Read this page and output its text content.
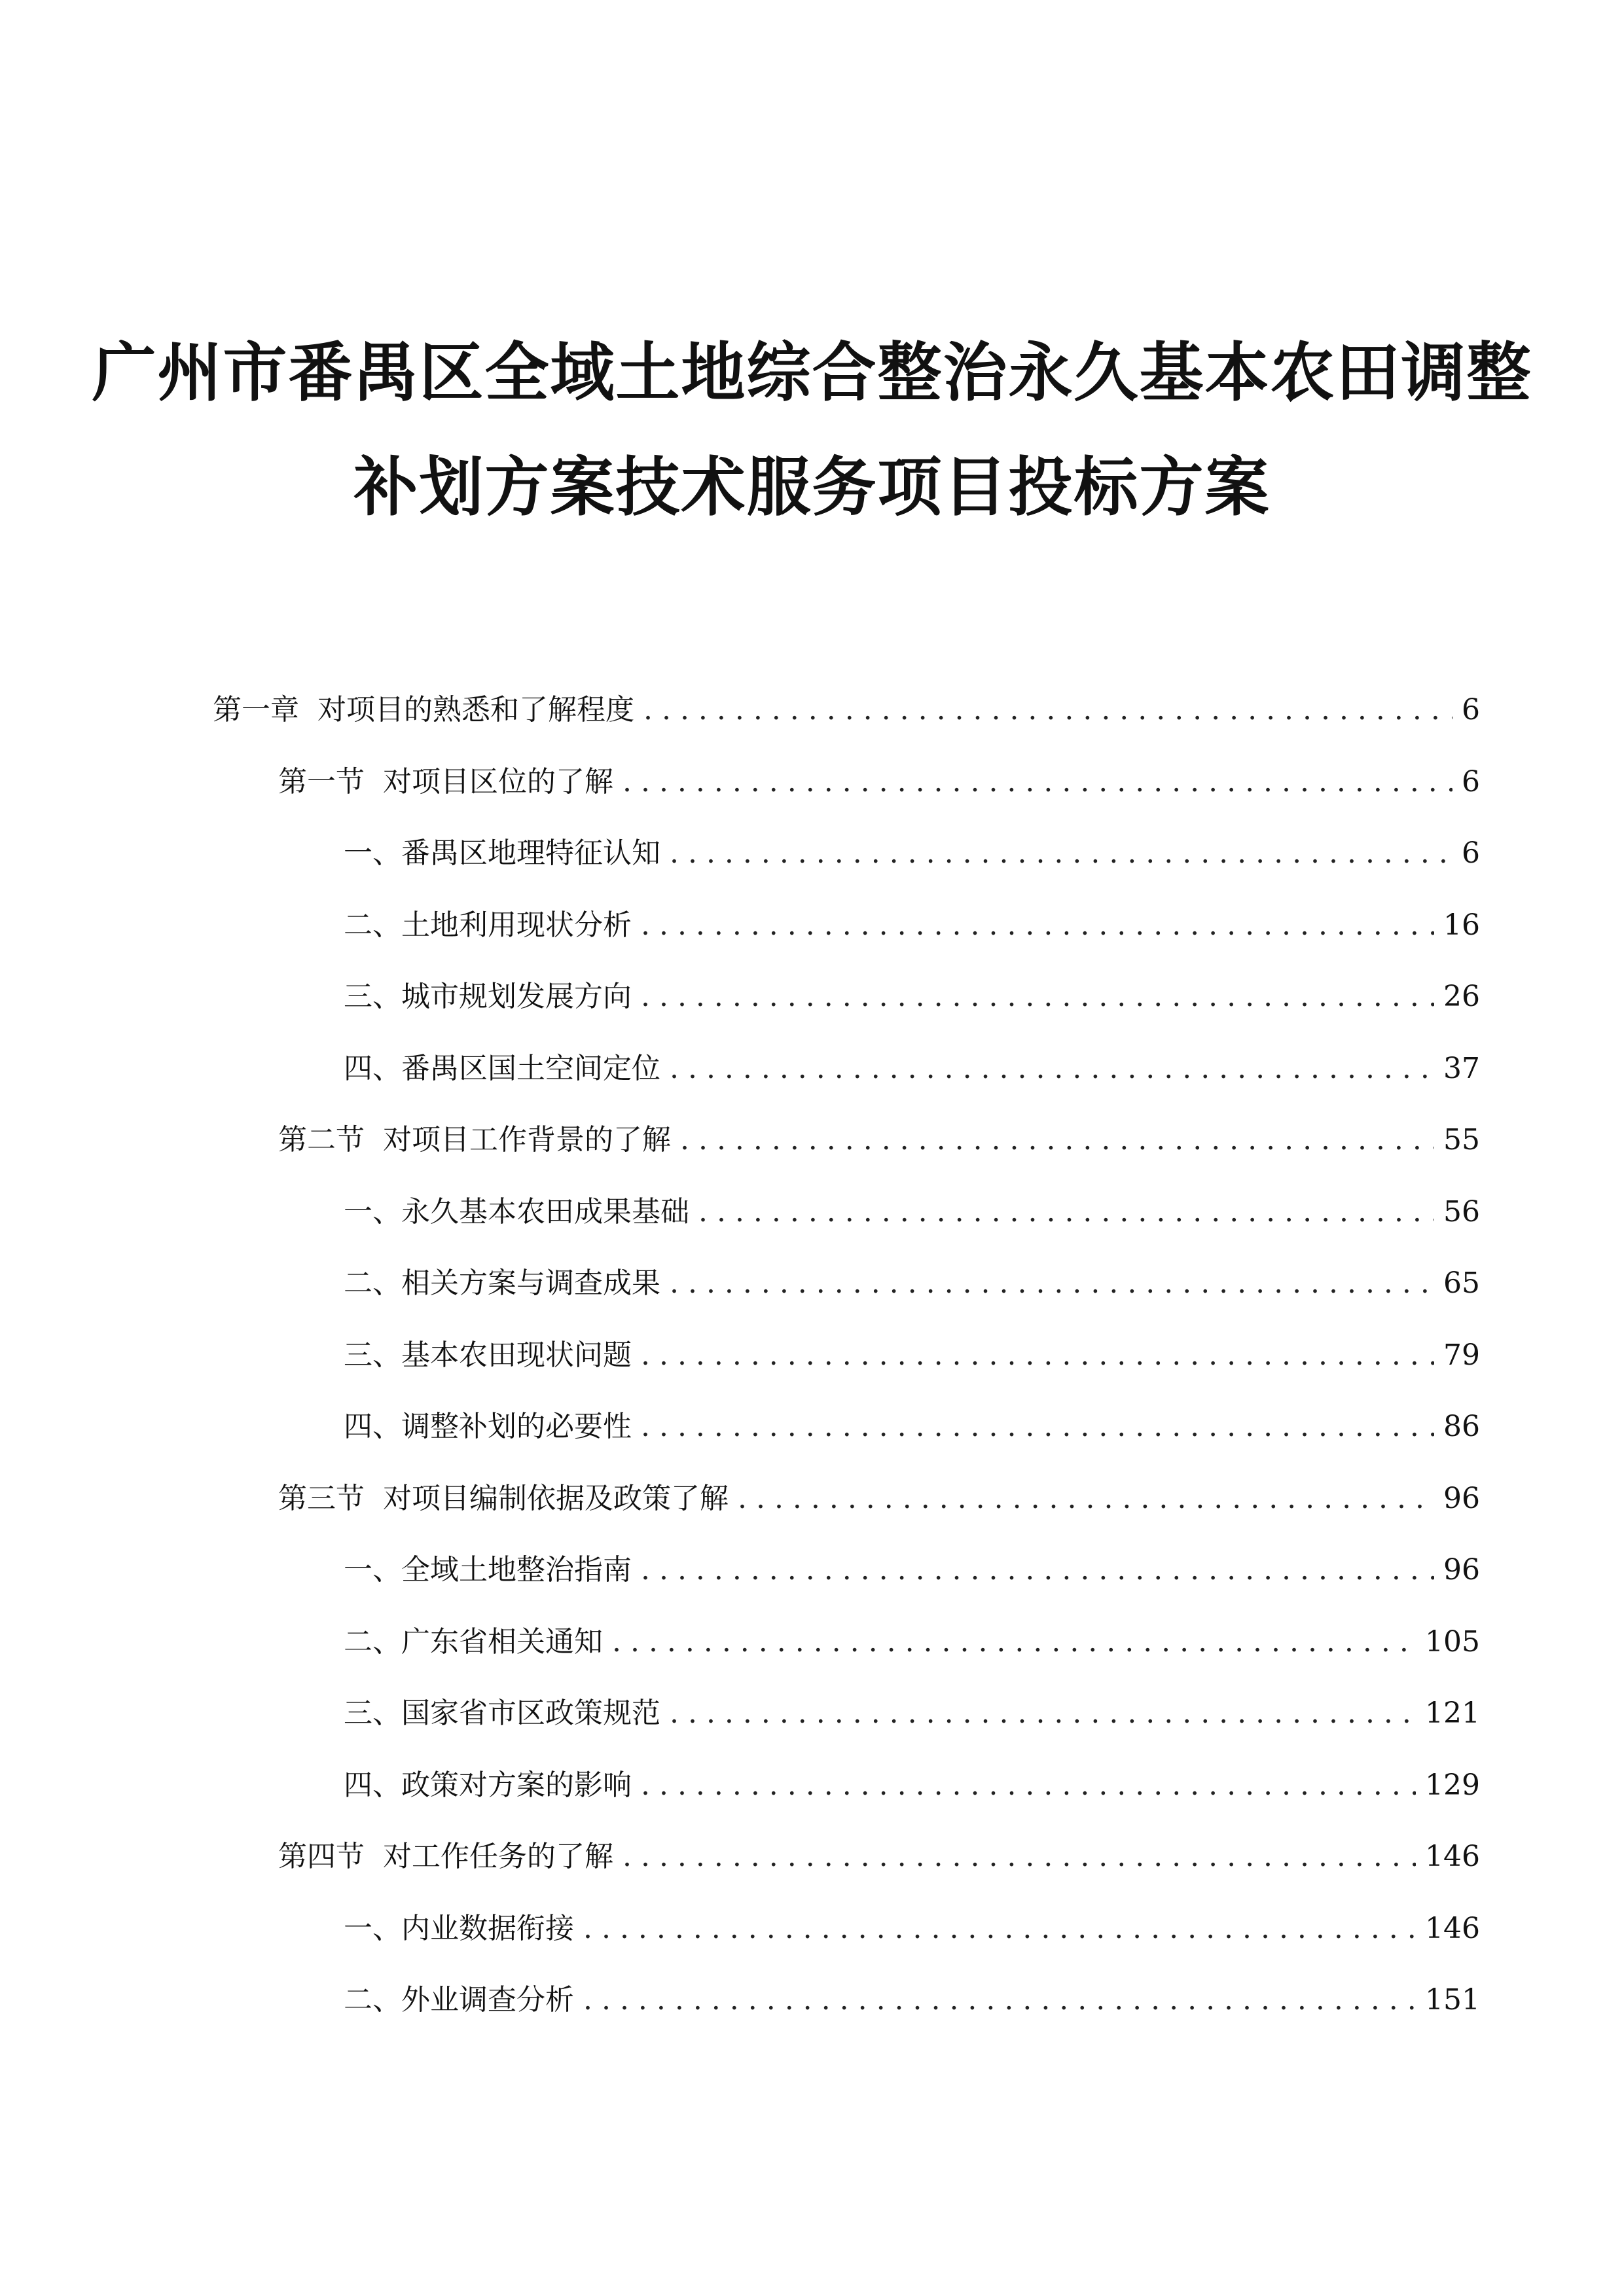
广州市番禺区全域土地综合整治永久基本农田调整
补划方案技术服务项目投标方案
第一章 对项目的熟悉和了解程度 . . .	6
第一节 对项目区位的了解 . . .	6
一、 番禺区地理特征认知 . . .	6
二、 土地利用现状分析 . . .	16
三、 城市规划发展方向 . . .	26
四、 番禺区国土空间定位 . . .	37
第二节 对项目工作背景的了解 . . .	55
一、 永久基本农田成果基础 . . .	56
二、 相关方案与调查成果 . . .	65
三、 基本农田现状问题 . . .	79
四、 调整补划的必要性 . . .	86
第三节 对项目编制依据及政策了解 . . .	96
一、 全域土地整治指南 . . .	96
二、 广东省相关通知 . . .	105
三、 国家省市区政策规范 . . .	121
四、 政策对方案的影响 . . .	129
第四节 对工作任务的了解 . . .	146
一、 内业数据衔接 . . .	146
二、 外业调查分析 . . .	151
